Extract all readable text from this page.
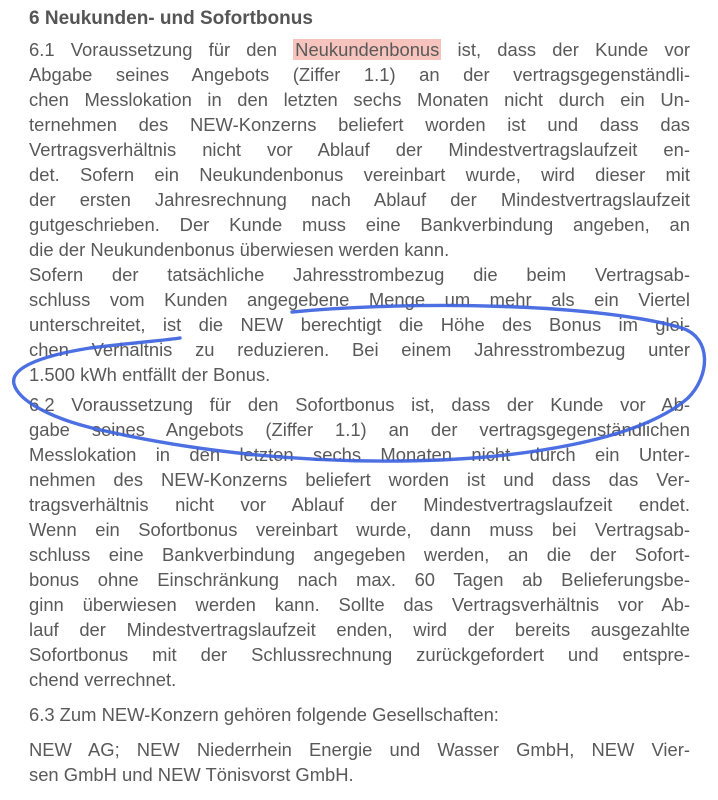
6 Neukunden- und Sofortbonus
6.1 Voraussetzung für den Neukundenbonus ist, dass der Kunde vor
Abgabe seines Angebots (Ziffer 1.1) an der vertragsgegenständli-
chen Messlokation in den letzten sechs Monaten nicht durch ein Un-
ternehmen des NEW-Konzerns beliefert worden ist und dass das
Vertragsverhältnis nicht vor Ablauf der Mindestvertragslaufzeit en-
det. Sofern ein Neukundenbonus vereinbart wurde, wird dieser mit
der ersten Jahresrechnung nach Ablauf der Mindestvertragslaufzeit
gutgeschrieben. Der Kunde muss eine Bankverbindung angeben, an
die der Neukundenbonus überwiesen werden kann.
Sofern der tatsächliche Jahresstrombezug die beim Vertragsab-
schluss vom Kunden angegebene Menge um mehr als ein Viertel
unterschreitet, ist die NEW berechtigt die Höhe des Bonus im glei-
chen Verhältnis zu reduzieren. Bei einem Jahresstrombezug unter
1.500 kWh entfällt der Bonus.
6.2 Voraussetzung für den Sofortbonus ist, dass der Kunde vor Ab-
gabe seines Angebots (Ziffer 1.1) an der vertragsgegenständlichen
Messlokation in den letzten sechs Monaten nicht durch ein Unter-
nehmen des NEW-Konzerns beliefert worden ist und dass das Ver-
tragsverhältnis nicht vor Ablauf der Mindestvertragslaufzeit endet.
Wenn ein Sofortbonus vereinbart wurde, dann muss bei Vertragsab-
schluss eine Bankverbindung angegeben werden, an die der Sofort-
bonus ohne Einschränkung nach max. 60 Tagen ab Belieferungsbe-
ginn überwiesen werden kann. Sollte das Vertragsverhältnis vor Ab-
lauf der Mindestvertragslaufzeit enden, wird der bereits ausgezahlte
Sofortbonus mit der Schlussrechnung zurückgefordert und entspre-
chend verrechnet.
6.3 Zum NEW-Konzern gehören folgende Gesellschaften:
NEW AG; NEW Niederrhein Energie und Wasser GmbH, NEW Vier-
sen GmbH und NEW Tönisvorst GmbH.
